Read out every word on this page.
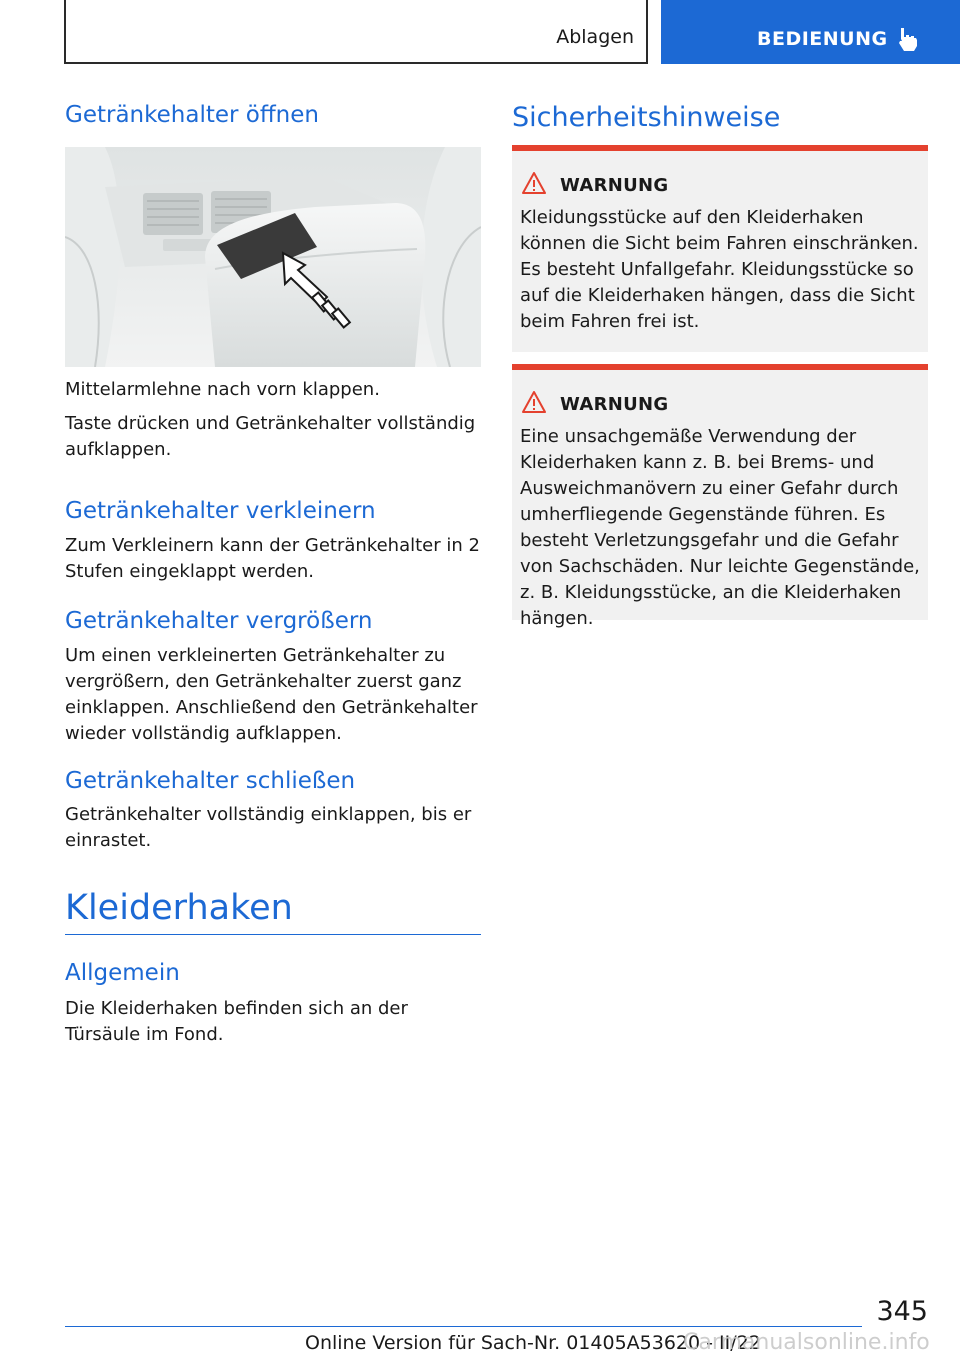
Ablagen	BEDIENUNG
Getränkehalter öffnen

Mittelarmlehne nach vorn klappen.

Taste drücken und Getränkehalter vollständig aufklappen.

Getränkehalter verkleinern

Zum Verkleinern kann der Getränkehalter in 2 Stufen eingeklappt werden.

Getränkehalter vergrößern

Um einen verkleinerten Getränkehalter zu vergrößern, den Getränkehalter zuerst ganz einklappen. Anschließend den Getränkehalter wieder vollständig aufklappen.

Getränkehalter schließen

Getränkehalter vollständig einklappen, bis er einrastet.

Kleiderhaken
Allgemein

Die Kleiderhaken befinden sich an der Türsäule im Fond.

Sicherheitshinweise
WARNUNG
Kleidungsstücke auf den Kleiderhaken können die Sicht beim Fahren einschränken. Es besteht Unfallgefahr. Kleidungsstücke so auf die Kleiderhaken hängen, dass die Sicht beim Fahren frei ist.
WARNUNG
Eine unsachgemäße Verwendung der Kleiderhaken kann z. B. bei Brems- und Ausweichmanövern zu einer Gefahr durch umherfliegende Gegenstände führen. Es besteht Verletzungsgefahr und die Gefahr von Sachschäden. Nur leichte Gegenstände, z. B. Kleidungsstücke, an die Kleiderhaken hängen.
345
Online Version für Sach-Nr. 01405A53620 - II/22
Carmanualsonline.info
